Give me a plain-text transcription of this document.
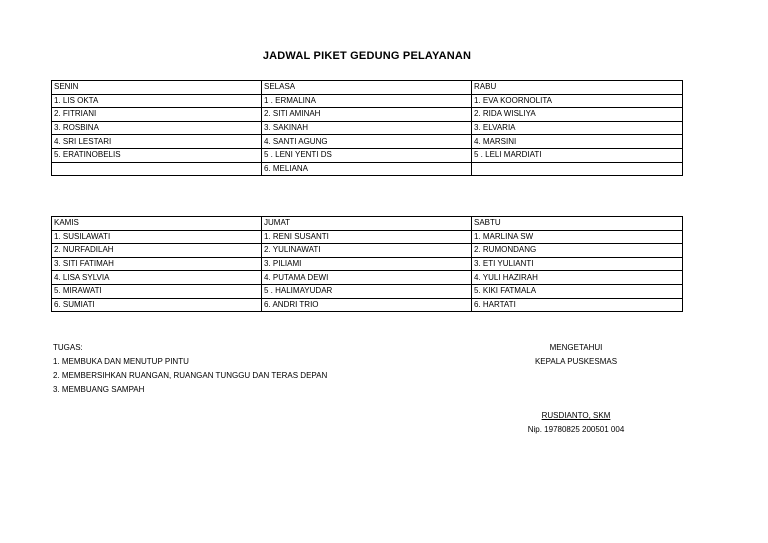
JADWAL PIKET GEDUNG PELAYANAN
SENIN	SELASA	RABU
1. LIS OKTA	1 . ERMALINA	1. EVA KOORNOLITA
2. FITRIANI	2. SITI AMINAH	2. RIDA WISLIYA
3. ROSBINA	3. SAKINAH	3. ELVARIA
4. SRI LESTARI	4. SANTI AGUNG	4. MARSINI
5. ERATINOBELIS	5 . LENI YENTI DS	5 . LELI MARDIATI
	6. MELIANA	
KAMIS	JUMAT	SABTU
1. SUSILAWATI	1. RENI SUSANTI	1. MARLINA SW
2. NURFADILAH	2. YULINAWATI	2. RUMONDANG
3. SITI FATIMAH	3. PILIAMI	3. ETI YULIANTI
4. LISA SYLVIA	4. PUTAMA DEWI	4. YULI HAZIRAH
5. MIRAWATI	5 . HALIMAYUDAR	5. KIKI FATMALA
6. SUMIATI	6. ANDRI TRIO	6. HARTATI
TUGAS:
1. MEMBUKA DAN MENUTUP PINTU
2. MEMBERSIHKAN RUANGAN, RUANGAN TUNGGU DAN TERAS DEPAN
3. MEMBUANG SAMPAH
MENGETAHUI
KEPALA PUSKESMAS
RUSDIANTO, SKM
Nip. 19780825 200501 004
